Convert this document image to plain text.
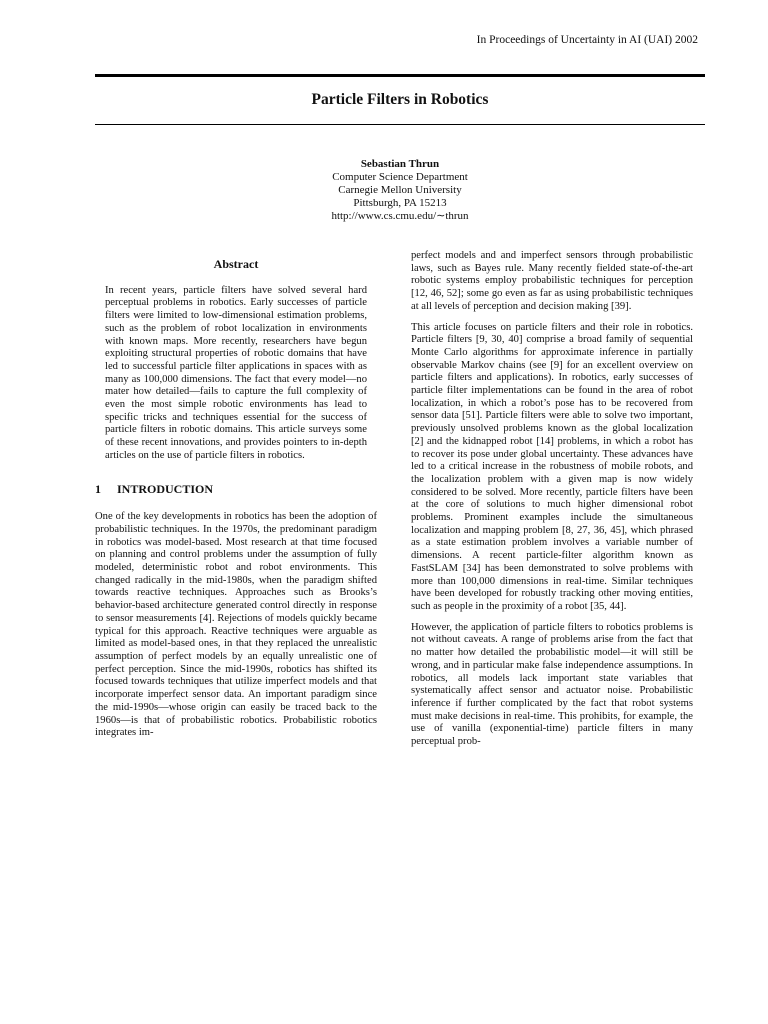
In Proceedings of Uncertainty in AI (UAI) 2002
Particle Filters in Robotics
Sebastian Thrun
Computer Science Department
Carnegie Mellon University
Pittsburgh, PA 15213
http://www.cs.cmu.edu/∼thrun
Abstract

In recent years, particle filters have solved several hard perceptual problems in robotics. Early successes of particle filters were limited to low-dimensional estimation problems, such as the problem of robot localization in environments with known maps. More recently, researchers have begun exploiting structural properties of robotic domains that have led to successful particle filter applications in spaces with as many as 100,000 dimensions. The fact that every model—no mater how detailed—fails to capture the full complexity of even the most simple robotic environments has lead to specific tricks and techniques essential for the success of particle filters in robotic domains. This article surveys some of these recent innovations, and provides pointers to in-depth articles on the use of particle filters in robotics.

1 INTRODUCTION

One of the key developments in robotics has been the adoption of probabilistic techniques. In the 1970s, the predominant paradigm in robotics was model-based. Most research at that time focused on planning and control problems under the assumption of fully modeled, deterministic robot and robot environments. This changed radically in the mid-1980s, when the paradigm shifted towards reactive techniques. Approaches such as Brooks’s behavior-based architecture generated control directly in response to sensor measurements [4]. Rejections of models quickly became typical for this approach. Reactive techniques were arguable as limited as model-based ones, in that they replaced the unrealistic assumption of perfect models by an equally unrealistic one of perfect perception. Since the mid-1990s, robotics has shifted its focused towards techniques that utilize imperfect models and that incorporate imperfect sensor data. An important paradigm since the mid-1990s—whose origin can easily be traced back to the 1960s—is that of probabilistic robotics. Probabilistic robotics integrates im-

perfect models and and imperfect sensors through probabilistic laws, such as Bayes rule. Many recently fielded state-of-the-art robotic systems employ probabilistic techniques for perception [12, 46, 52]; some go even as far as using probabilistic techniques at all levels of perception and decision making [39].

This article focuses on particle filters and their role in robotics. Particle filters [9, 30, 40] comprise a broad family of sequential Monte Carlo algorithms for approximate inference in partially observable Markov chains (see [9] for an excellent overview on particle filters and applications). In robotics, early successes of particle filter implementations can be found in the area of robot localization, in which a robot’s pose has to be recovered from sensor data [51]. Particle filters were able to solve two important, previously unsolved problems known as the global localization [2] and the kidnapped robot [14] problems, in which a robot has to recover its pose under global uncertainty. These advances have led to a critical increase in the robustness of mobile robots, and the localization problem with a given map is now widely considered to be solved. More recently, particle filters have been at the core of solutions to much higher dimensional robot problems. Prominent examples include the simultaneous localization and mapping problem [8, 27, 36, 45], which phrased as a state estimation problem involves a variable number of dimensions. A recent particle-filter algorithm known as FastSLAM [34] has been demonstrated to solve problems with more than 100,000 dimensions in real-time. Similar techniques have been developed for robustly tracking other moving entities, such as people in the proximity of a robot [35, 44].

However, the application of particle filters to robotics problems is not without caveats. A range of problems arise from the fact that no matter how detailed the probabilistic model—it will still be wrong, and in particular make false independence assumptions. In robotics, all models lack important state variables that systematically affect sensor and actuator noise. Probabilistic inference if further complicated by the fact that robot systems must make decisions in real-time. This prohibits, for example, the use of vanilla (exponential-time) particle filters in many perceptual prob-
